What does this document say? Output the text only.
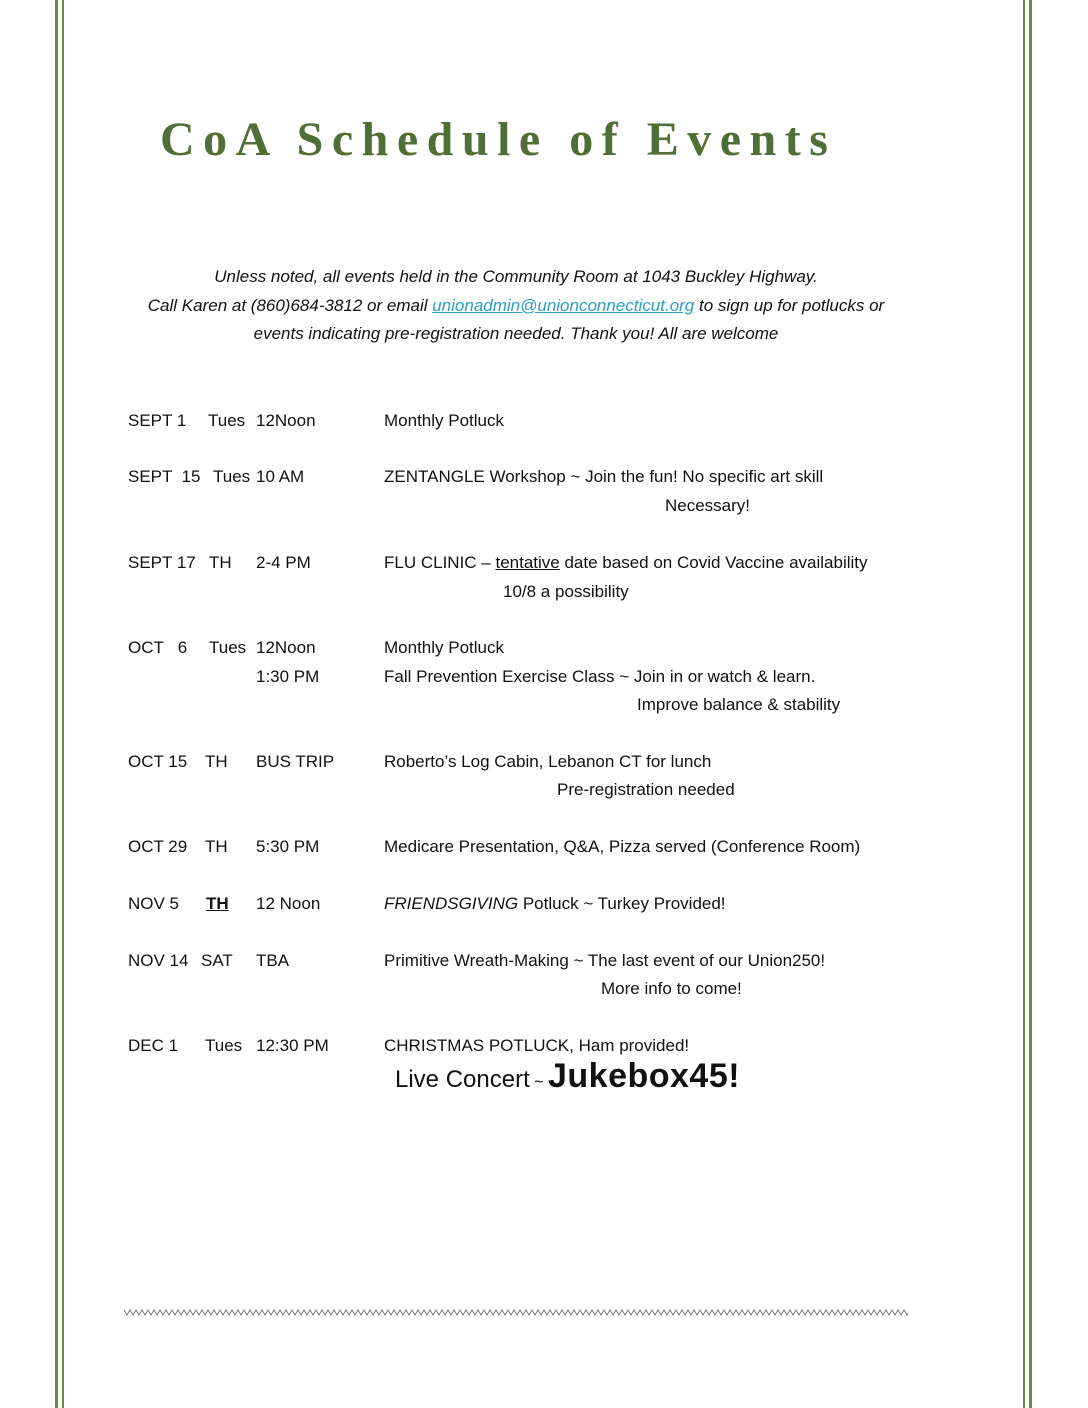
CoA Schedule of Events
Unless noted, all events held in the Community Room at 1043 Buckley Highway.
Call Karen at (860)684-3812 or email unionadmin@unionconnecticut.org to sign up for potlucks or
events indicating pre-registration needed. Thank you! All are welcome
SEPT 1 Tues 12Noon	Monthly Potluck
SEPT  15 Tues 10 AM	ZENTANGLE Workshop ~ Join the fun! No specific art skill
Necessary!
SEPT 17 TH 2-4 PM	FLU CLINIC – tentative date based on Covid Vaccine availability
10/8 a possibility
OCT   6 Tues 12Noon	Monthly Potluck
1:30 PM	Fall Prevention Exercise Class ~ Join in or watch & learn.
Improve balance & stability
OCT 15 TH BUS TRIP	Roberto’s Log Cabin, Lebanon CT for lunch
Pre-registration needed
OCT 29 TH 5:30 PM	Medicare Presentation, Q&A, Pizza served (Conference Room)
NOV 5 TH 12 Noon	FRIENDSGIVING Potluck ~ Turkey Provided!
NOV 14 SAT TBA	Primitive Wreath-Making ~ The last event of our Union250!
More info to come!
DEC 1 Tues 12:30 PM	CHRISTMAS POTLUCK, Ham provided!
Live Concert ~ Jukebox45!
